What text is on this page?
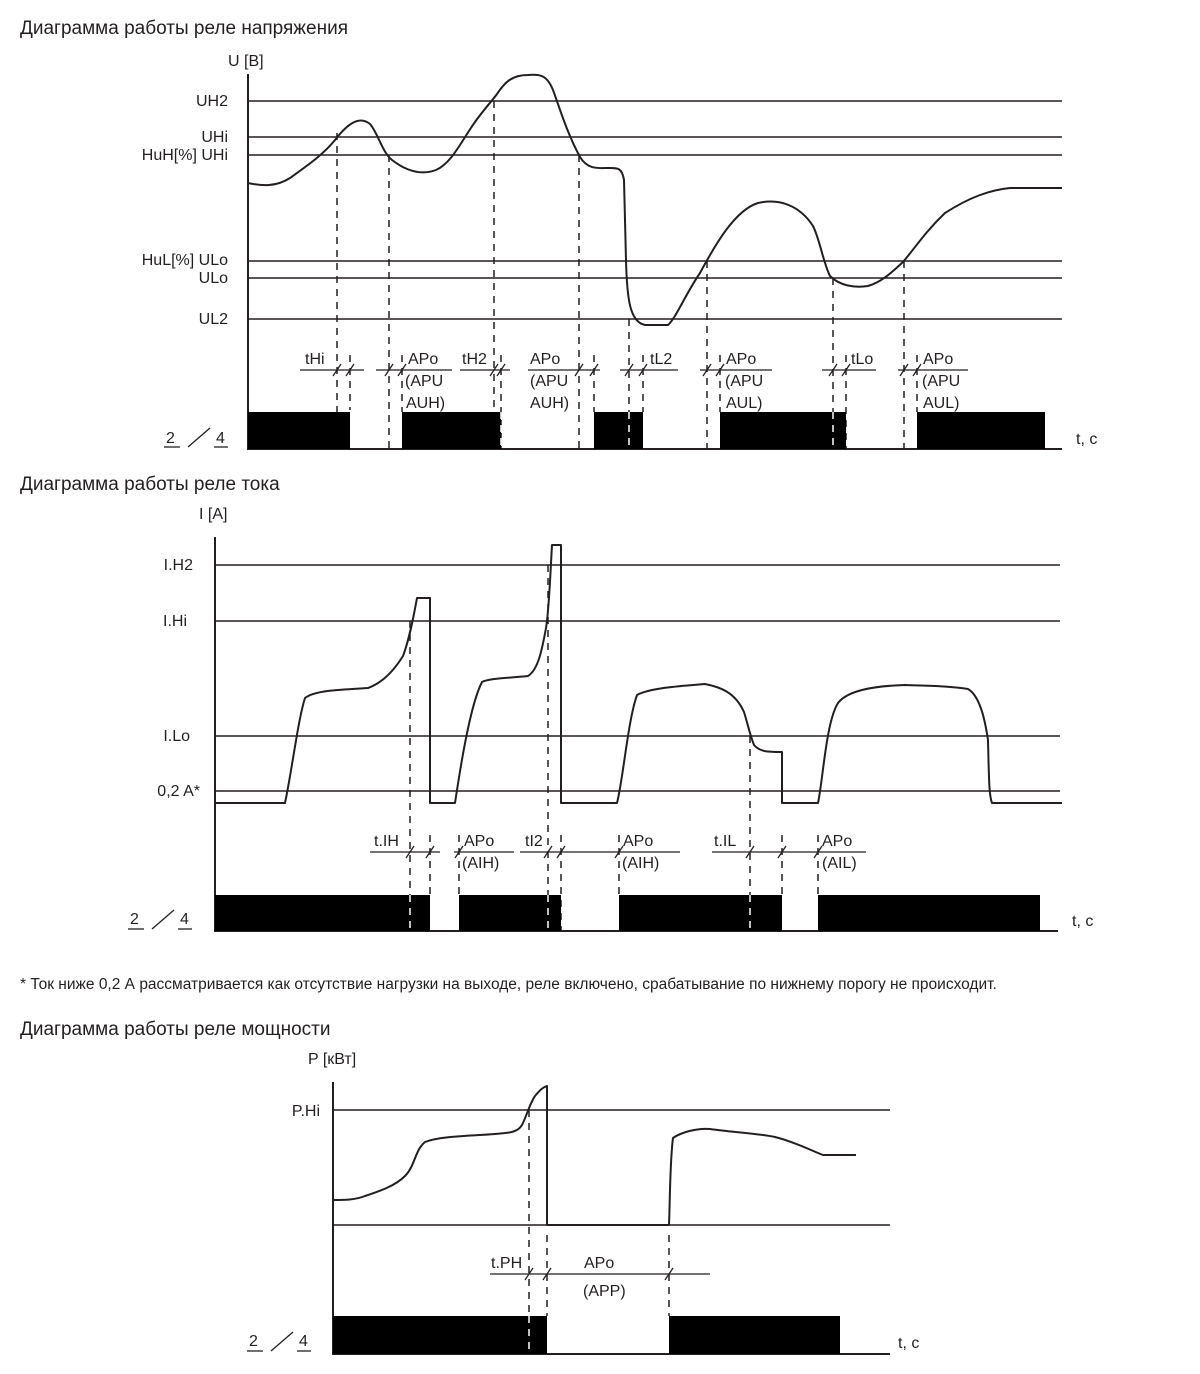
Диаграмма работы реле напряжения
Диаграмма работы реле тока
* Ток ниже 0,2 А рассматривается как отсутствие нагрузки на выходе, реле включено, срабатывание по нижнему порогу не происходит.
Диаграмма работы реле мощности
U [В]
t, c
UH2
UHi
HuH[%] UHi
HuL[%] ULo
ULo
UL2
tHi	APo
(APU
AUH)
tH2	APo
(APU
AUH)
tL2	APo
(APU
AUL)
tLo	APo
(APU
AUL)
2	4
I [A]
t, c
I.H2
I.Hi
I.Lo
0,2 A*
t.IH	APo
(AIH)
tI2	APo
(AIH)
t.IL	APo
(AIL)
2	4
P [кВт]
t, c
P.Hi
t.PH	APo
(APP)
2	4
